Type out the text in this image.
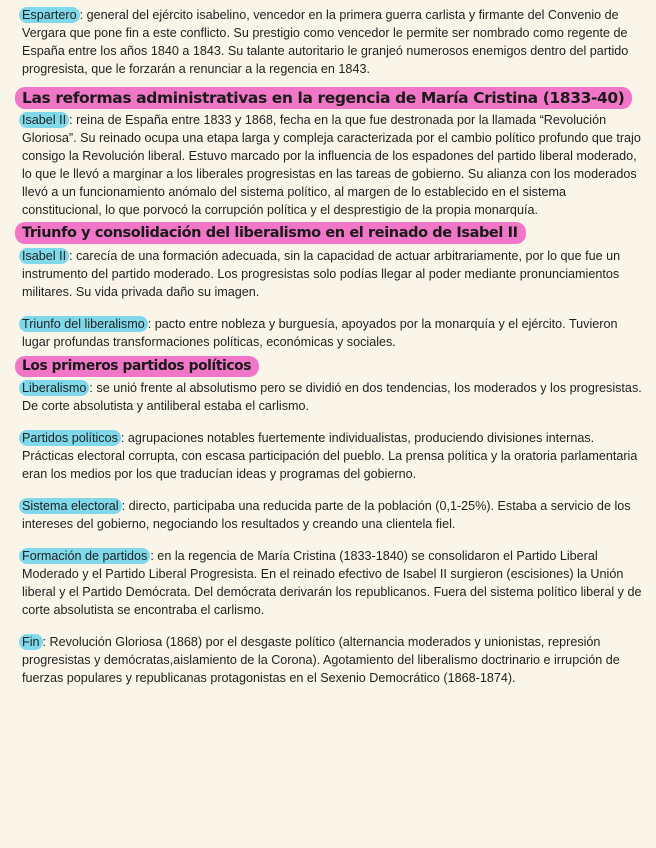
Espartero : general del ejército isabelino, vencedor en la primera guerra carlista y firmante del Convenio de Vergara que pone fin a este conflicto. Su prestigio como vencedor le permite ser nombrado como regente de España entre los años 1840 a 1843. Su talante autoritario le granjeó numerosos enemigos dentro del partido progresista, que le forzarán a renunciar a la regencia en 1843.

Las reformas administrativas en la regencia de María Cristina (1833-40)

Isabel II : reina de España entre 1833 y 1868, fecha en la que fue destronada por la llamada “Revolución Gloriosa”. Su reinado ocupa una etapa larga y compleja caracterizada por el cambio político profundo que trajo consigo la Revolución liberal. Estuvo marcado por la influencia de los espadones del partido liberal moderado, lo que le llevó a marginar a los liberales progresistas en las tareas de gobierno. Su alianza con los moderados llevó a un funcionamiento anómalo del sistema político, al margen de lo establecido en el sistema constitucional, lo que porvocó la corrupción política y el desprestigio de la propia monarquía.

Triunfo y consolidación del liberalismo en el reinado de Isabel II

Isabel II : carecía de una formación adecuada, sin la capacidad de actuar arbitrariamente, por lo que fue un instrumento del partido moderado. Los progresistas solo podías llegar al poder mediante pronunciamientos militares. Su vida privada daño su imagen.

Triunfo del liberalismo : pacto entre nobleza y burguesía, apoyados por la monarquía y el ejército. Tuvieron lugar profundas transformaciones políticas, económicas y sociales.

Los primeros partidos políticos

Liberalismo : se unió frente al absolutismo pero se dividió en dos tendencias, los moderados y los progresistas. De corte absolutista y antiliberal estaba el carlismo.

Partidos políticos : agrupaciones notables fuertemente individualistas, produciendo divisiones internas. Prácticas electoral corrupta, con escasa participación del pueblo. La prensa política y la oratoria parlamentaria eran los medios por los que traducían ideas y programas del gobierno.

Sistema electoral : directo, participaba una reducida parte de la población (0,1-25%). Estaba a servicio de los intereses del gobierno, negociando los resultados y creando una clientela fiel.

Formación de partidos : en la regencia de María Cristina (1833-1840) se consolidaron el Partido Liberal Moderado y el Partido Liberal Progresista. En el reinado efectivo de Isabel II surgieron (escisiones) la Unión liberal y el Partido Demócrata. Del demócrata derivarán los republicanos. Fuera del sistema político liberal y de corte absolutista se encontraba el carlismo.

Fin : Revolución Gloriosa (1868) por el desgaste político (alternancia moderados y unionistas, represión progresistas y demócratas,aislamiento de la Corona). Agotamiento del liberalismo doctrinario e irrupción de fuerzas populares y republicanas protagonistas en el Sexenio Democrático (1868-1874).
